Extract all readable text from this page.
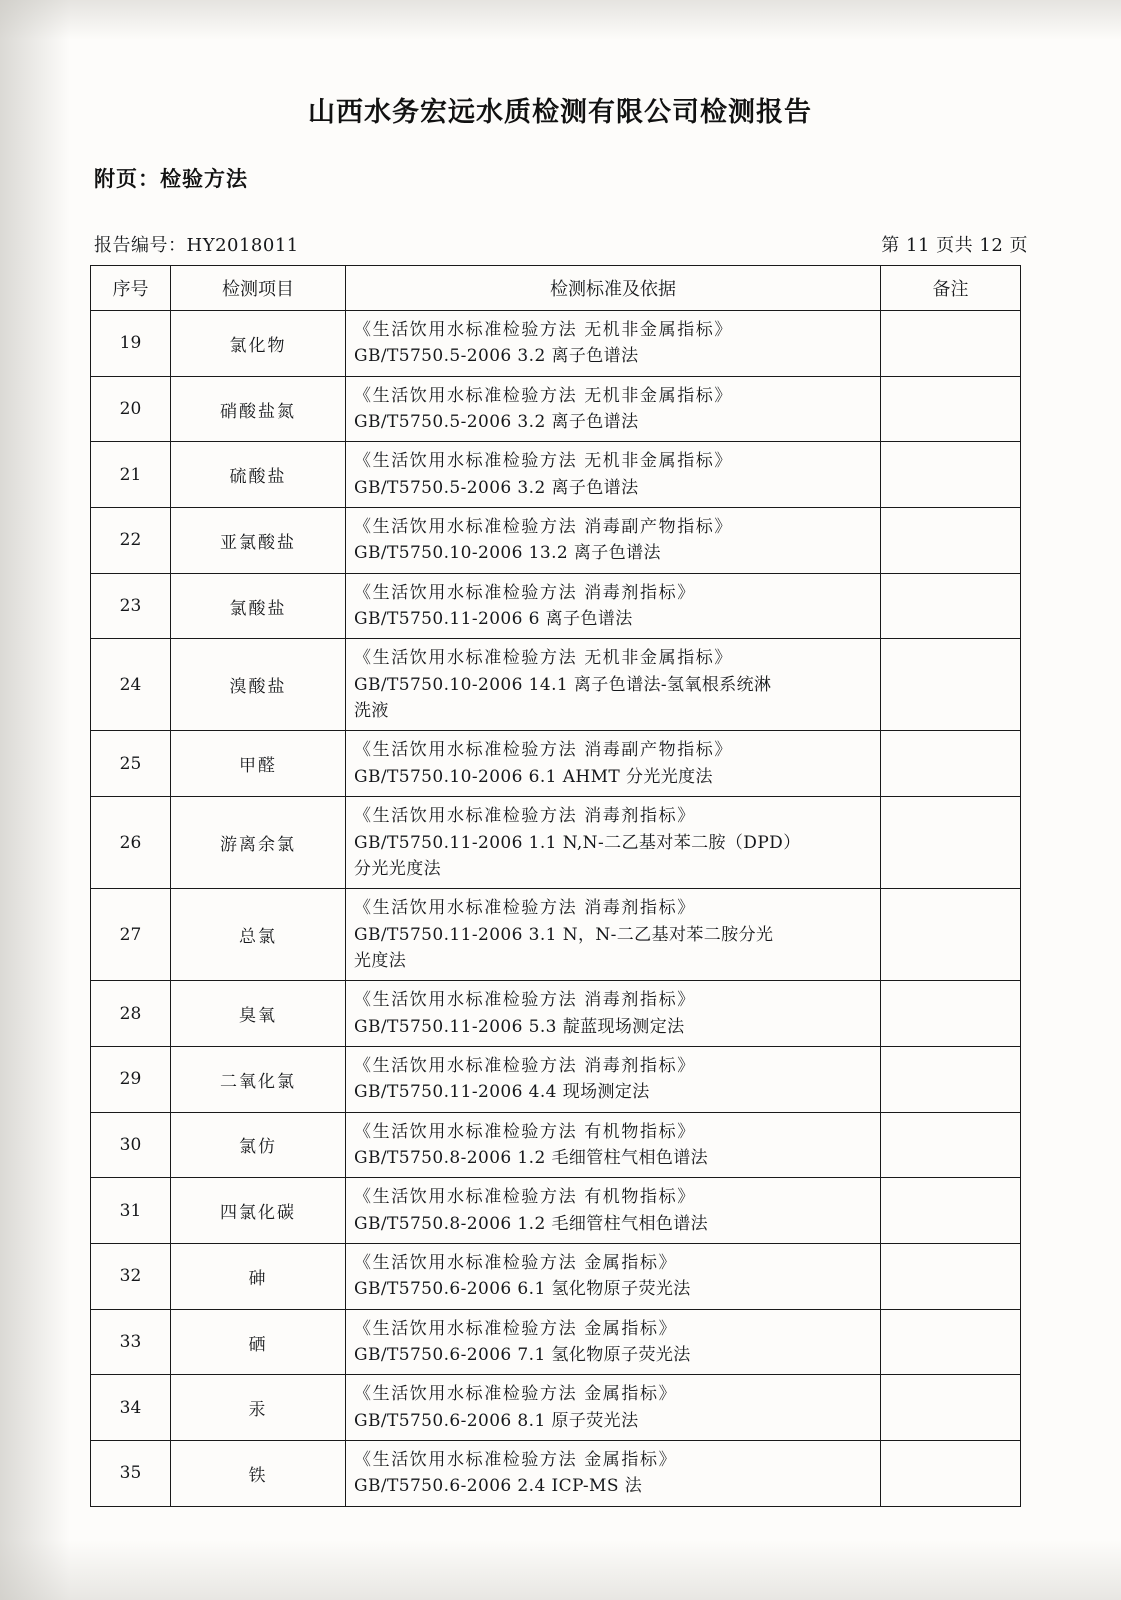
山西水务宏远水质检测有限公司检测报告
附页：检验方法
报告编号：HY2018011	第 11 页共 12 页
序号	检测项目	检测标准及依据	备注
19	氯化物	《生活饮用水标准检验方法 无机非金属指标》
GB/T5750.5-2006 3.2 离子色谱法	

20	硝酸盐氮	《生活饮用水标准检验方法 无机非金属指标》
GB/T5750.5-2006 3.2 离子色谱法	

21	硫酸盐	《生活饮用水标准检验方法 无机非金属指标》
GB/T5750.5-2006 3.2 离子色谱法	

22	亚氯酸盐	《生活饮用水标准检验方法 消毒副产物指标》
GB/T5750.10-2006 13.2 离子色谱法	

23	氯酸盐	《生活饮用水标准检验方法 消毒剂指标》
GB/T5750.11-2006 6 离子色谱法	

24	溴酸盐	《生活饮用水标准检验方法 无机非金属指标》
GB/T5750.10-2006 14.1 离子色谱法-氢氧根系统淋
洗液	

25	甲醛	《生活饮用水标准检验方法 消毒副产物指标》
GB/T5750.10-2006 6.1 AHMT 分光光度法	

26	游离余氯	《生活饮用水标准检验方法 消毒剂指标》
GB/T5750.11-2006 1.1 N,N-二乙基对苯二胺（DPD）
分光光度法	

27	总氯	《生活饮用水标准检验方法 消毒剂指标》
GB/T5750.11-2006 3.1 N，N-二乙基对苯二胺分光
光度法	

28	臭氧	《生活饮用水标准检验方法 消毒剂指标》
GB/T5750.11-2006 5.3 靛蓝现场测定法	

29	二氧化氯	《生活饮用水标准检验方法 消毒剂指标》
GB/T5750.11-2006 4.4 现场测定法	

30	氯仿	《生活饮用水标准检验方法 有机物指标》
GB/T5750.8-2006 1.2 毛细管柱气相色谱法	

31	四氯化碳	《生活饮用水标准检验方法 有机物指标》
GB/T5750.8-2006 1.2 毛细管柱气相色谱法	

32	砷	《生活饮用水标准检验方法 金属指标》
GB/T5750.6-2006 6.1 氢化物原子荧光法	

33	硒	《生活饮用水标准检验方法 金属指标》
GB/T5750.6-2006 7.1 氢化物原子荧光法	

34	汞	《生活饮用水标准检验方法 金属指标》
GB/T5750.6-2006 8.1 原子荧光法	

35	铁	《生活饮用水标准检验方法 金属指标》
GB/T5750.6-2006 2.4 ICP-MS 法	
